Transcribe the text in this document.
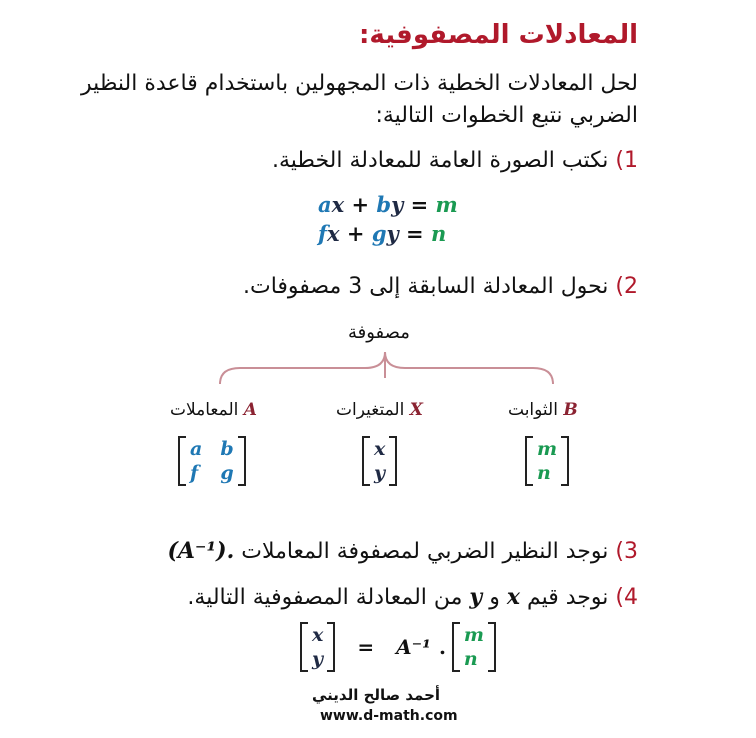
المعادلات المصفوفية:
لحل المعادلات الخطية ذات المجهولين باستخدام قاعدة النظير الضربي نتبع الخطوات التالية:
1) نكتب الصورة العامة للمعادلة الخطية.
ax + by = m
fx + gy = n
2) نحول المعادلة السابقة إلى 3 مصفوفات.
مصفوفة
A المعاملات	X المتغيرات	B الثوابت
a b
f g
x
y
m
n
3) نوجد النظير الضربي لمصفوفة المعاملات (A⁻¹).
4) نوجد قيم x و y من المعادلة المصفوفية التالية.
x
y = A⁻¹ . m
n
أحمد صالح الديني
www.d-math.com
